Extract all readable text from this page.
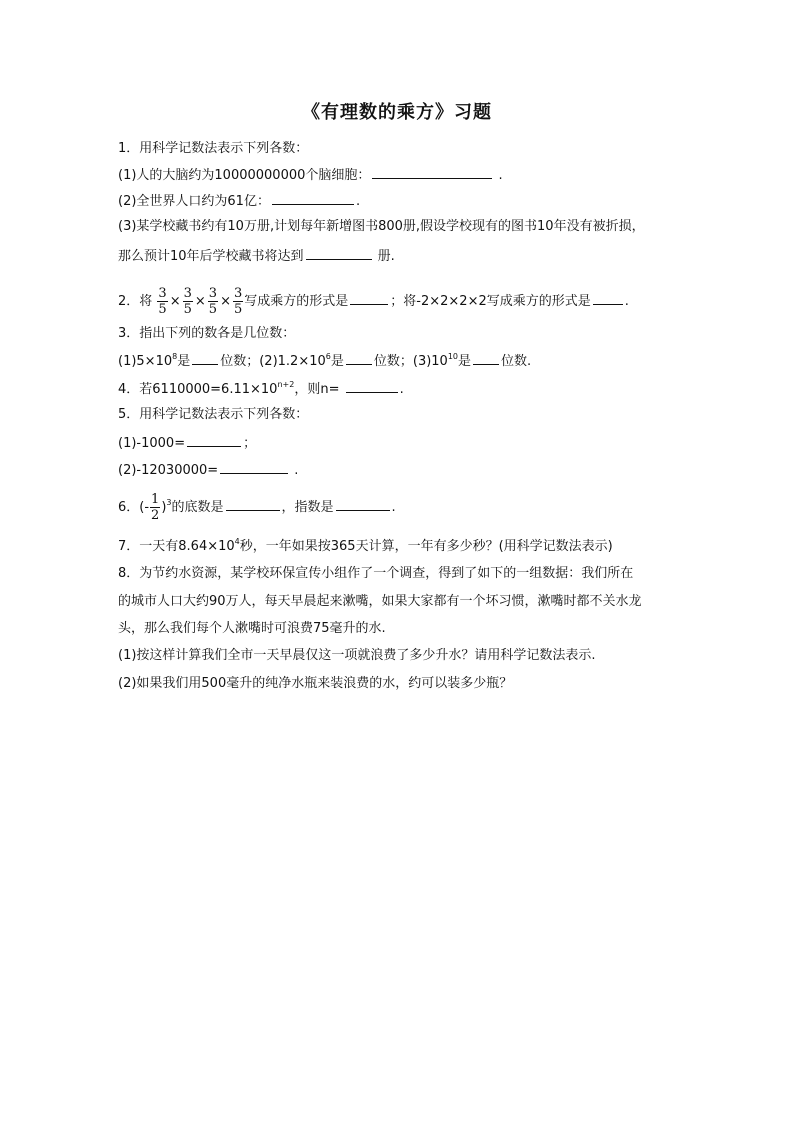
《有理数的乘方》习题
1．用科学记数法表示下列各数：
(1)人的大脑约为10000000000个脑细胞：	.
(2)全世界人口约为61亿：	.
(3)某学校藏书约有10万册,计划每年新增图书800册,假设学校现有的图书10年没有被折损，
那么预计10年后学校藏书将达到	册.
2．将 $\frac{3}{5} \times \frac{3}{5} \times \frac{3}{5} \times \frac{3}{5}$ 写成乘方的形式是	；将-2×2×2×2写成乘方的形式是	.
3．指出下列的数各是几位数：
$(1)5\times 10^8$是 位数；$(2)1.2\times 10^6$是 位数；$(3)10^{10}$是 位数.
4．若$6110000=6.11\times 10^{n+2}$，则n=	.
5．用科学记数法表示下列各数：
(1)-1000=	；
(2)-12030000=	.
6．(- $\frac{1}{2} )^3$的底数是	，指数是	.
7．一天有$8.64\times 10^4$秒，一年如果按365天计算，一年有多少秒？(用科学记数法表示)
8．为节约水资源，某学校环保宣传小组作了一个调查，得到了如下的一组数据：我们所在
的城市人口大约90万人，每天早晨起来漱嘴，如果大家都有一个坏习惯，漱嘴时都不关水龙
头，那么我们每个人漱嘴时可浪费75毫升的水.
(1)按这样计算我们全市一天早晨仅这一项就浪费了多少升水？请用科学记数法表示.
(2)如果我们用500毫升的纯净水瓶来装浪费的水，约可以装多少瓶？
